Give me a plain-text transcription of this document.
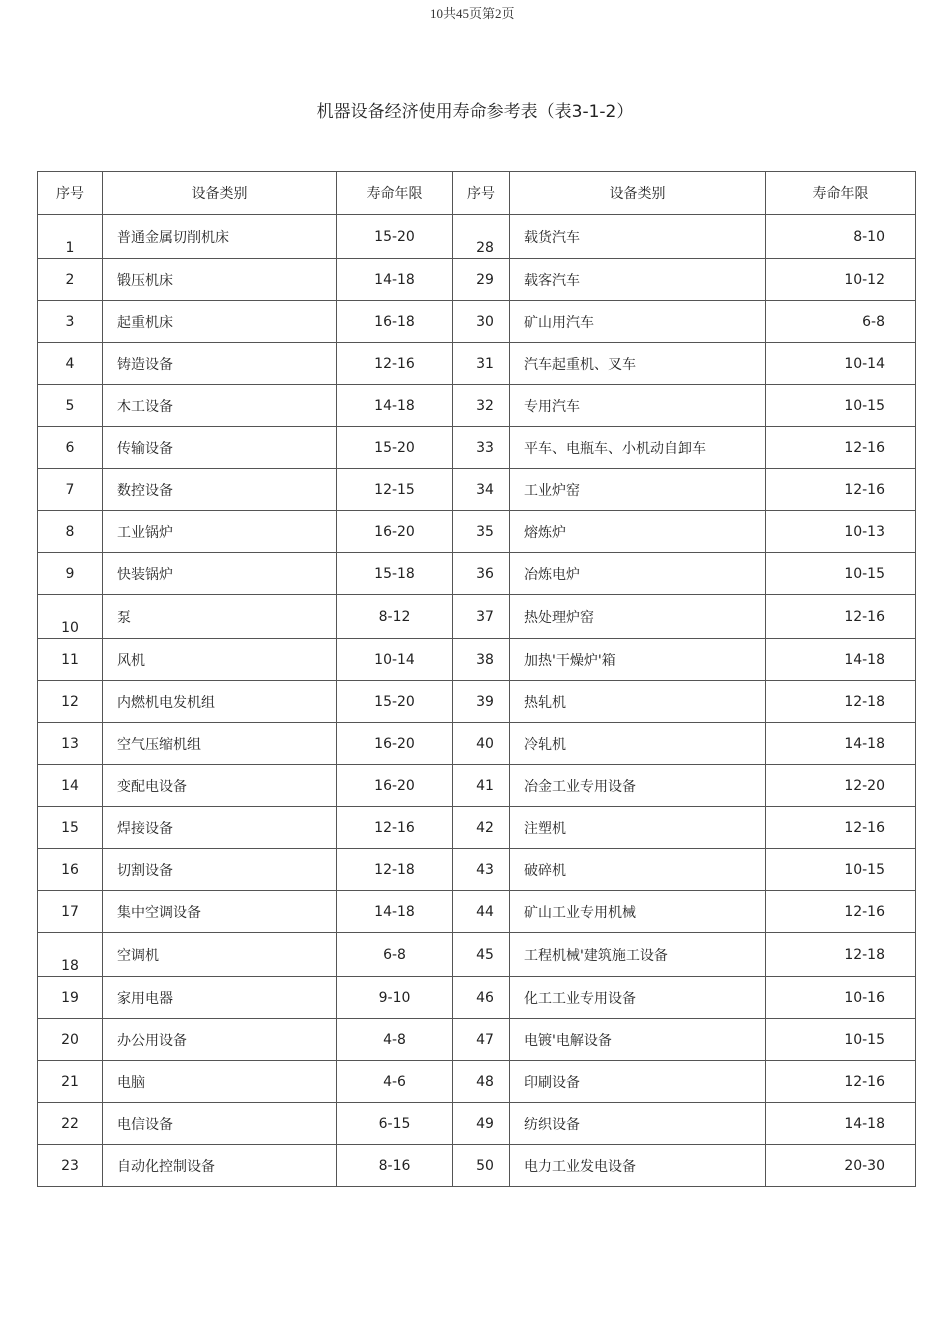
10共45页第2页
机器设备经济使用寿命参考表（表3-1-2）
序号	设备类别	寿命年限	序号	设备类别	寿命年限
1	普通金属切削机床	15-20	28	载货汽车	8-10
2	锻压机床	14-18	29	载客汽车	10-12
3	起重机床	16-18	30	矿山用汽车	6-8
4	铸造设备	12-16	31	汽车起重机、叉车	10-14
5	木工设备	14-18	32	专用汽车	10-15
6	传输设备	15-20	33	平车、电瓶车、小机动自卸车	12-16
7	数控设备	12-15	34	工业炉窑	12-16
8	工业锅炉	16-20	35	熔炼炉	10-13
9	快装锅炉	15-18	36	冶炼电炉	10-15
10	泵	8-12	37	热处理炉窑	12-16
11	风机	10-14	38	加热'干燥炉'箱	14-18
12	内燃机电发机组	15-20	39	热轧机	12-18
13	空气压缩机组	16-20	40	冷轧机	14-18
14	变配电设备	16-20	41	冶金工业专用设备	12-20
15	焊接设备	12-16	42	注塑机	12-16
16	切割设备	12-18	43	破碎机	10-15
17	集中空调设备	14-18	44	矿山工业专用机械	12-16
18	空调机	6-8	45	工程机械'建筑施工设备	12-18
19	家用电器	9-10	46	化工工业专用设备	10-16
20	办公用设备	4-8	47	电镀'电解设备	10-15
21	电脑	4-6	48	印刷设备	12-16
22	电信设备	6-15	49	纺织设备	14-18
23	自动化控制设备	8-16	50	电力工业发电设备	20-30
